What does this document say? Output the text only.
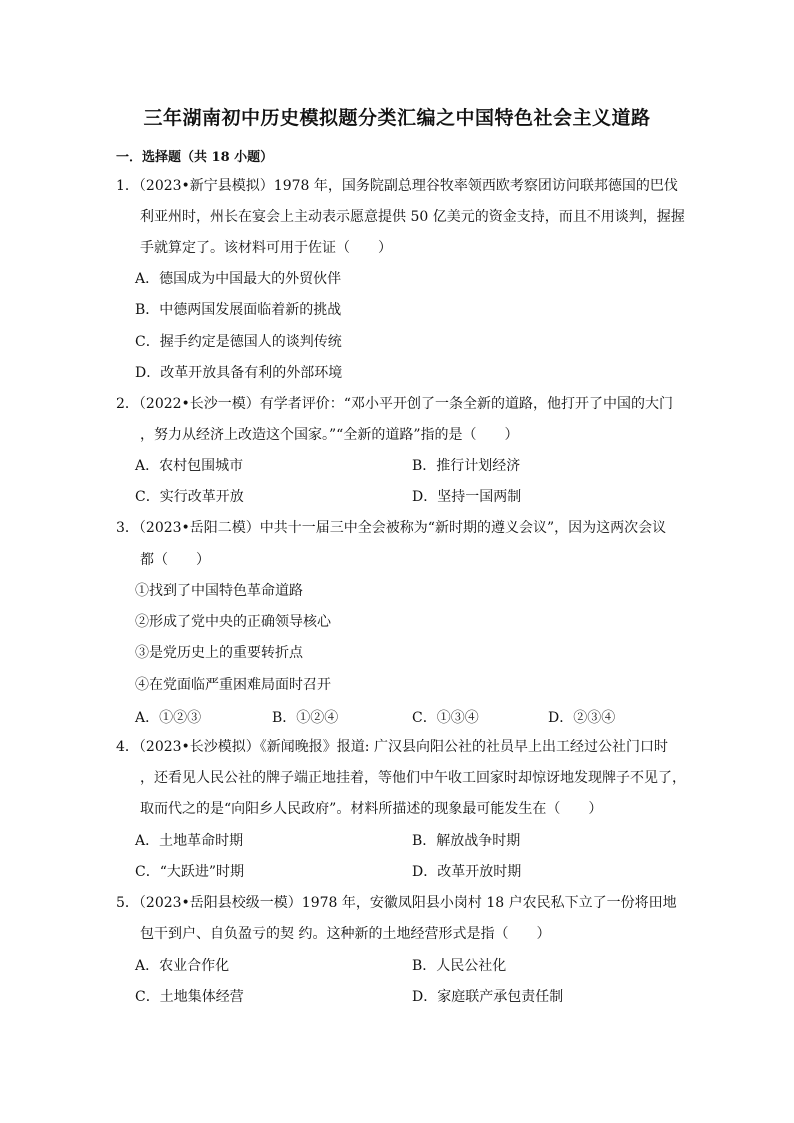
三年湖南初中历史模拟题分类汇编之中国特色社会主义道路
一．选择题（共 18 小题）
1．（2023•新宁县模拟）1978 年，国务院副总理谷牧率领西欧考察团访问联邦德国的巴伐
利亚州时，州长在宴会上主动表示愿意提供 50 亿美元的资金支持，而且不用谈判，握握
手就算定了。该材料可用于佐证（　　）
A．德国成为中国最大的外贸伙伴
B．中德两国发展面临着新的挑战
C．握手约定是德国人的谈判传统
D．改革开放具备有利的外部环境
2．（2022•长沙一模）有学者评价：“邓小平开创了一条全新的道路，他打开了中国的大门
，努力从经济上改造这个国家。”“全新的道路”指的是（　　）
A．农村包围城市	B．推行计划经济
C．实行改革开放	D．坚持一国两制
3．（2023•岳阳二模）中共十一届三中全会被称为“新时期的遵义会议”，因为这两次会议
都（　　）
①找到了中国特色革命道路
②形成了党中央的正确领导核心
③是党历史上的重要转折点
④在党面临严重困难局面时召开
A．①②③	B．①②④	C．①③④	D．②③④
4．（2023•长沙模拟）《新闻晚报》报道: 广汉县向阳公社的社员早上出工经过公社门口时
，还看见人民公社的牌子端正地挂着，等他们中午收工回家时却惊讶地发现牌子不见了，
取而代之的是“向阳乡人民政府”。材料所描述的现象最可能发生在（　　）
A．土地革命时期	B．解放战争时期
C．“大跃进”时期	D．改革开放时期
5．（2023•岳阳县校级一模）1978 年，安徽凤阳县小岗村 18 户农民私下立了一份将田地
包干到户、自负盈亏的契 约。这种新的土地经营形式是指（　　）
A．农业合作化	B．人民公社化
C．土地集体经营	D．家庭联产承包责任制
